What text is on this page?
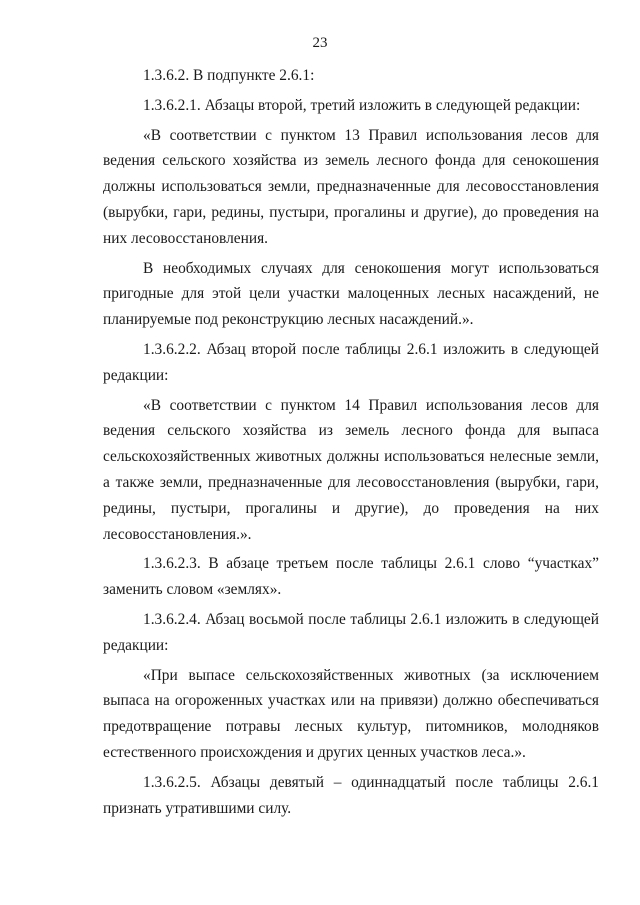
23

1.3.6.2. В подпункте 2.6.1:

1.3.6.2.1. Абзацы второй, третий изложить в следующей редакции:

«В соответствии с пунктом 13 Правил использования лесов для ведения сельского хозяйства из земель лесного фонда для сенокошения должны использоваться земли, предназначенные для лесовосстановления (вырубки, гари, редины, пустыри, прогалины и другие), до проведения на них лесовосстановления.

В необходимых случаях для сенокошения могут использоваться пригодные для этой цели участки малоценных лесных насаждений, не планируемые под реконструкцию лесных насаждений.».

1.3.6.2.2. Абзац второй после таблицы 2.6.1 изложить в следующей редакции:

«В соответствии с пунктом 14 Правил использования лесов для ведения сельского хозяйства из земель лесного фонда для выпаса сельскохозяйственных животных должны использоваться нелесные земли, а также земли, предназначенные для лесовосстановления (вырубки, гари, редины, пустыри, прогалины и другие), до проведения на них лесовосстановления.».

1.3.6.2.3. В абзаце третьем после таблицы 2.6.1 слово “участках” заменить словом «землях».

1.3.6.2.4. Абзац восьмой после таблицы 2.6.1 изложить в следующей редакции:

«При выпасе сельскохозяйственных животных (за исключением выпаса на огороженных участках или на привязи) должно обеспечиваться предотвращение потравы лесных культур, питомников, молодняков естественного происхождения и других ценных участков леса.».

1.3.6.2.5. Абзацы девятый – одиннадцатый после таблицы 2.6.1 признать утратившими силу.
